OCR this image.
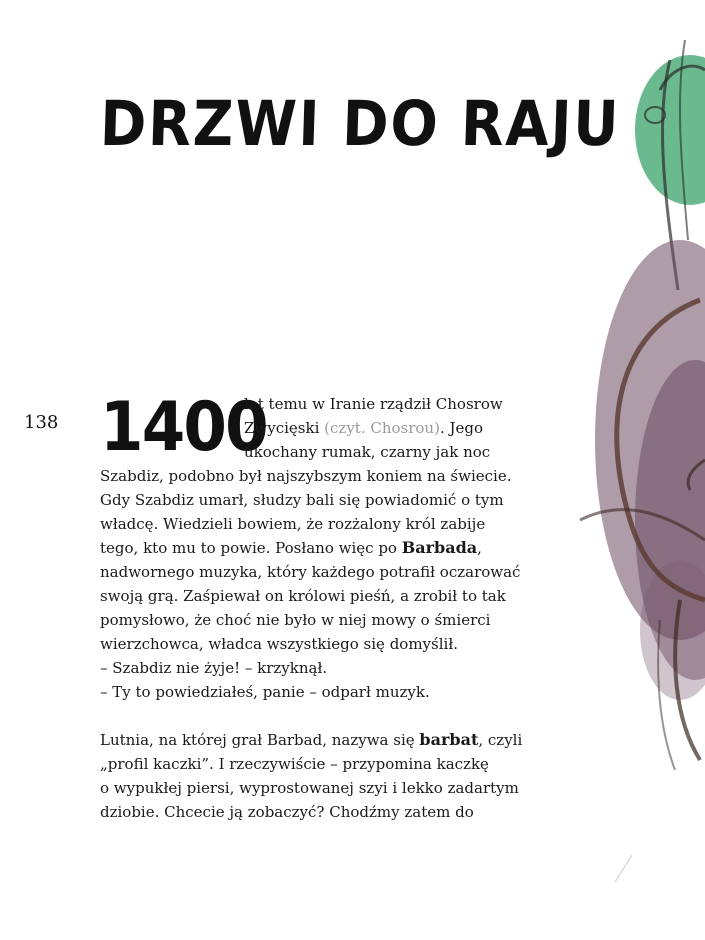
DRZWI DO RAJU
138 1400
lat temu w Iranie rządził Chosrow
Zwycięski (czyt. Chosrou). Jego
ukochany rumak, czarny jak noc
Szabdiz, podobno był najszybszym koniem na świecie.
Gdy Szabdiz umarł, słudzy bali się powiadomić o tym
władcę. Wiedzieli bowiem, że rozżalony król zabije
tego, kto mu to powie. Posłano więc po Barbada,
nadwornego muzyka, który każdego potrafił oczarować
swoją grą. Zaśpiewał on królowi pieśń, a zrobił to tak
pomysłowo, że choć nie było w niej mowy o śmierci
wierzchowca, władca wszystkiego się domyślił.
– Szabdiz nie żyje! – krzyknął.
– Ty to powiedziałeś, panie – odparł muzyk.
Lutnia, na której grał Barbad, nazywa się barbat, czyli
„profil kaczki”. I rzeczywiście – przypomina kaczkę
o wypukłej piersi, wyprostowanej szyi i lekko zadartym
dziobie. Chcecie ją zobaczyć? Chodźmy zatem do
